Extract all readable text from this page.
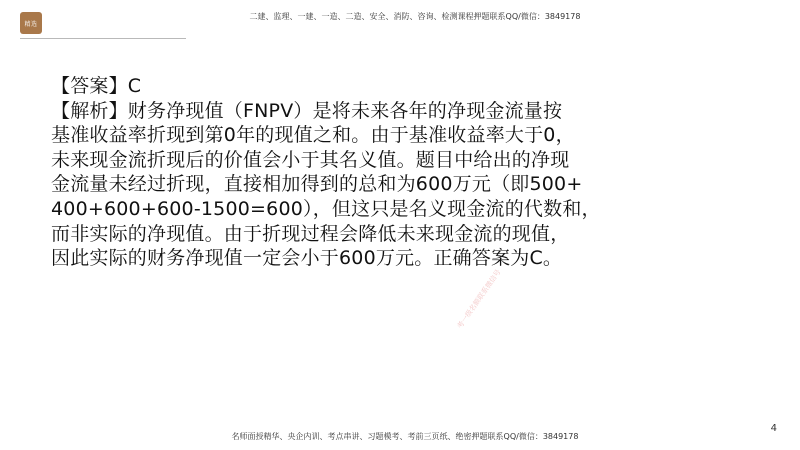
精选
二建、监理、一建、一造、二造、安全、消防、咨询、检测课程押题联系QQ/微信：3849178

【答案】C

【解析】财务净现值（FNPV）是将未来各年的净现金流量按

基准收益率折现到第0年的现值之和。由于基准收益率大于0，

未来现金流折现后的价值会小于其名义值。题目中给出的净现

金流量未经过折现，直接相加得到的总和为600万元（即500+

400+600+600-1500=600），但这只是名义现金流的代数和，

而非实际的净现值。由于折现过程会降低未来现金流的现值，

因此实际的财务净现值一定会小于600万元。正确答案为C。

考一级名额联系微信号
名师面授精华、央企内训、考点串讲、习题模考、考前三页纸、绝密押题联系QQ/微信：3849178
4
